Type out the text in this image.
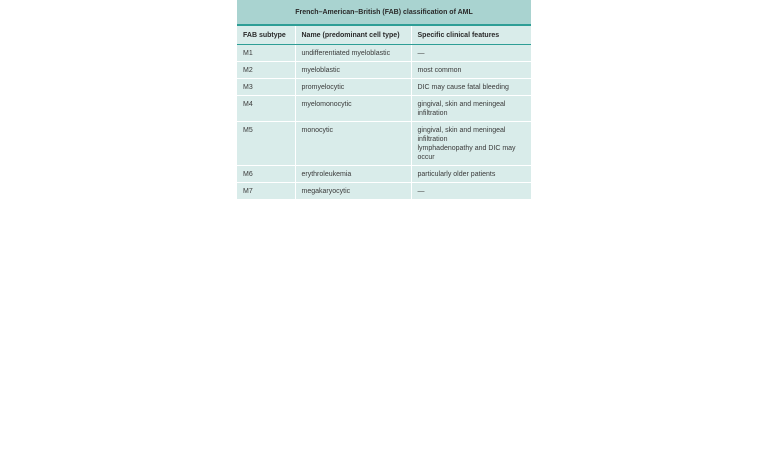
French–American–British (FAB) classification of AML
FAB subtype	Name (predominant cell type)	Specific clinical features
M1	undifferentiated myeloblastic	—
M2	myeloblastic	most common
M3	promyelocytic	DIC may cause fatal bleeding
M4	myelomonocytic	gingival, skin and meningeal
infiltration
M5	monocytic	gingival, skin and meningeal
infiltration
lymphadenopathy and DIC may
occur
M6	erythroleukemia	particularly older patients
M7	megakaryocytic	—
